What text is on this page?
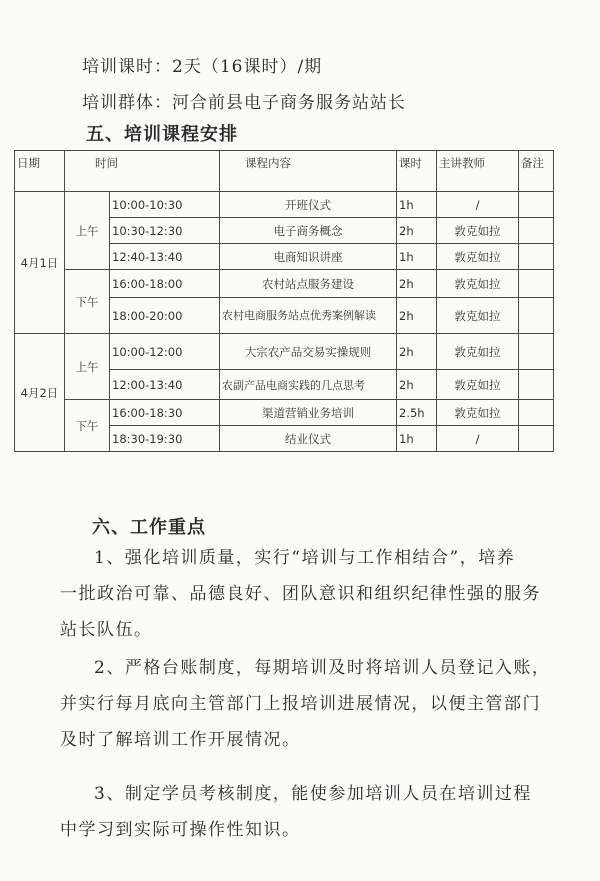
培训课时：2天（16课时）/期
培训群体：河合前县电子商务服务站站长
五、培训课程安排
日期	时间		课程内容	课时	主讲教师	备注
4月1日	上午	10:00-10:30	开班仪式	1h	/	
		10:30-12:30	电子商务概念	2h	敦克如拉	
		12:40-13:40	电商知识讲座	1h	敦克如拉	
	下午	16:00-18:00	农村站点服务建设	2h	敦克如拉	
		18:00-20:00	农村电商服务站点优秀案例解读	2h	敦克如拉	
4月2日	上午	10:00-12:00	大宗农产品交易实操规则	2h	敦克如拉	
		12:00-13:40	农副产品电商实践的几点思考	2h	敦克如拉	
	下午	16:00-18:30	渠道营销业务培训	2.5h	敦克如拉	
		18:30-19:30	结业仪式	1h	/	
六、工作重点
1、强化培训质量，实行“培训与工作相结合”，培养
一批政治可靠、品德良好、团队意识和组织纪律性强的服务
站长队伍。
2、严格台账制度，每期培训及时将培训人员登记入账，
并实行每月底向主管部门上报培训进展情况，以便主管部门
及时了解培训工作开展情况。
3、制定学员考核制度，能使参加培训人员在培训过程
中学习到实际可操作性知识。
